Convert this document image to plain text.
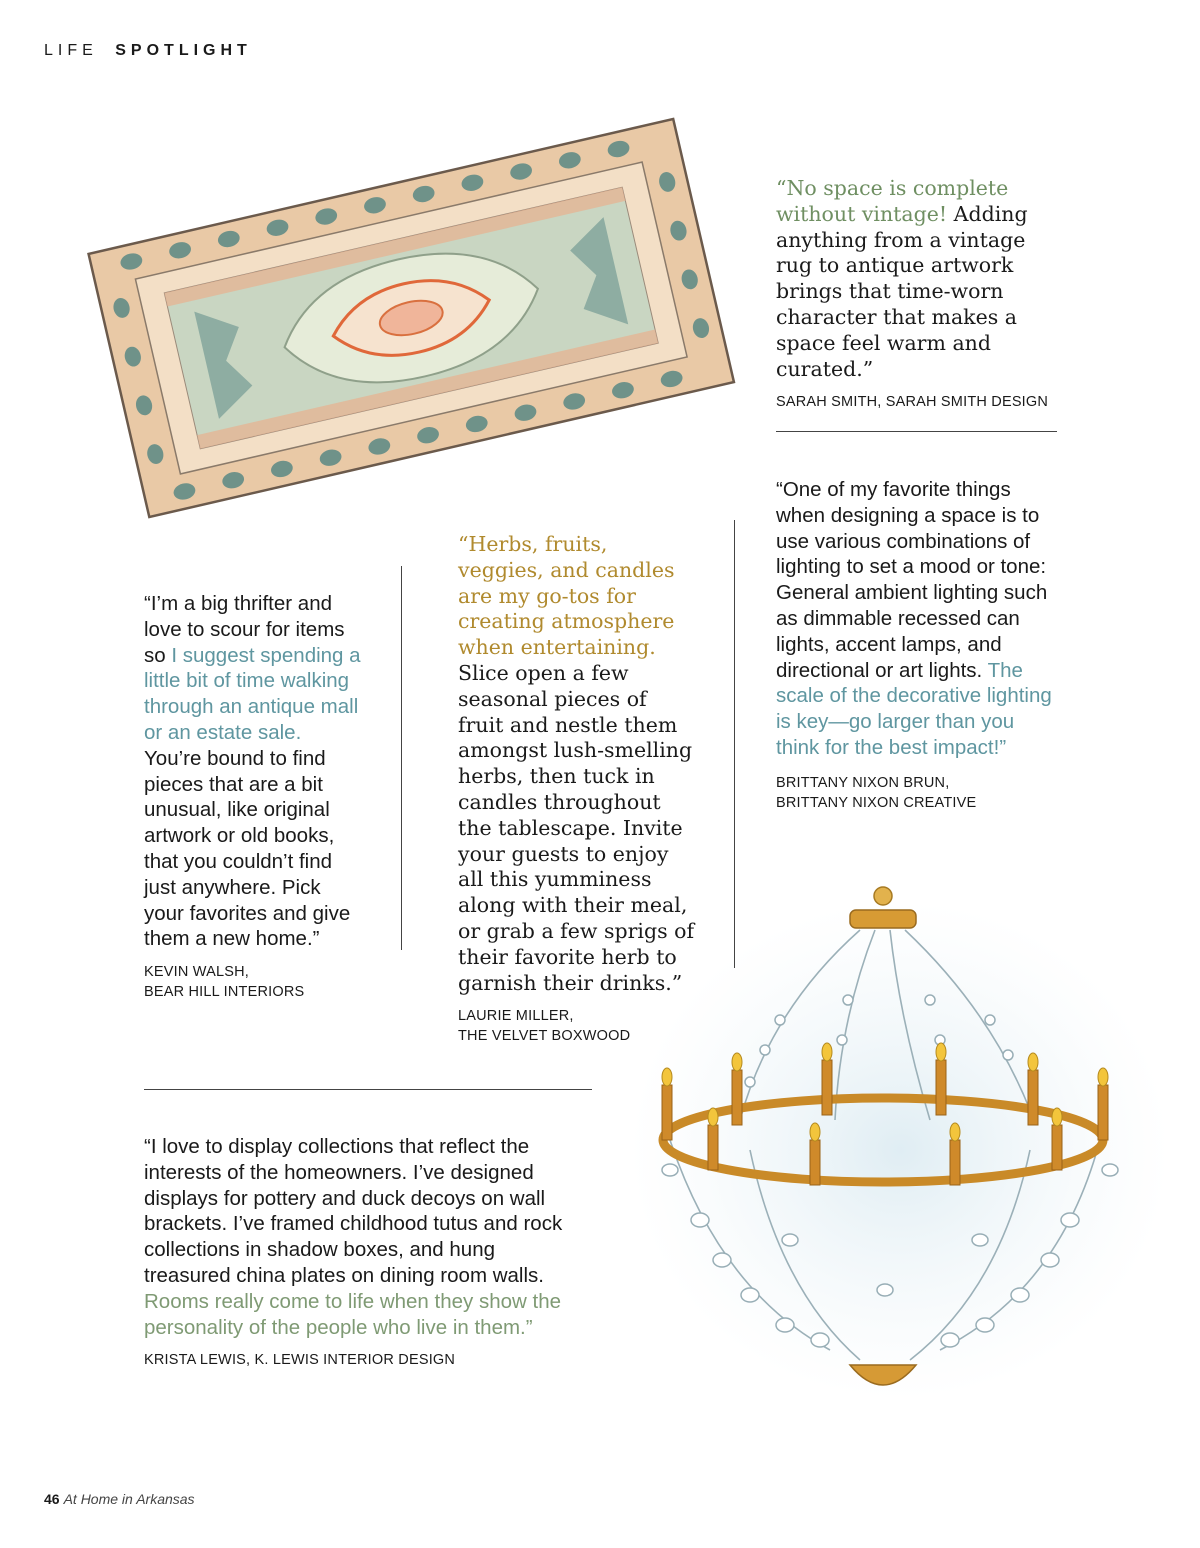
LIFE SPOTLIGHT

“No space is complete without vintage! Adding anything from a vintage rug to antique artwork brings that time-worn character that makes a space feel warm and curated.”

SARAH SMITH, SARAH SMITH DESIGN

“One of my favorite things when designing a space is to use various combinations of lighting to set a mood or tone: General ambient lighting such as dimmable recessed can lights, accent lamps, and directional or art lights. The scale of the decorative lighting is key—go larger than you think for the best impact!”

BRITTANY NIXON BRUN,
BRITTANY NIXON CREATIVE

“Herbs, fruits, veggies, and candles are my go-tos for creating atmosphere when entertaining. Slice open a few seasonal pieces of fruit and nestle them amongst lush-smelling herbs, then tuck in candles throughout the tablescape. Invite your guests to enjoy all this yumminess along with their meal, or grab a few sprigs of their favorite herb to garnish their drinks.”

LAURIE MILLER,
THE VELVET BOXWOOD

“I’m a big thrifter and love to scour for items so I suggest spending a little bit of time walking through an antique mall or an estate sale. You’re bound to find pieces that are a bit unusual, like original artwork or old books, that you couldn’t find just anywhere. Pick your favorites and give them a new home.”

KEVIN WALSH,
BEAR HILL INTERIORS

“I love to display collections that reflect the interests of the homeowners. I’ve designed displays for pottery and duck decoys on wall brackets. I’ve framed childhood tutus and rock collections in shadow boxes, and hung treasured china plates on dining room walls. Rooms really come to life when they show the personality of the people who live in them.”

KRISTA LEWIS, K. LEWIS INTERIOR DESIGN

46 At Home in Arkansas
